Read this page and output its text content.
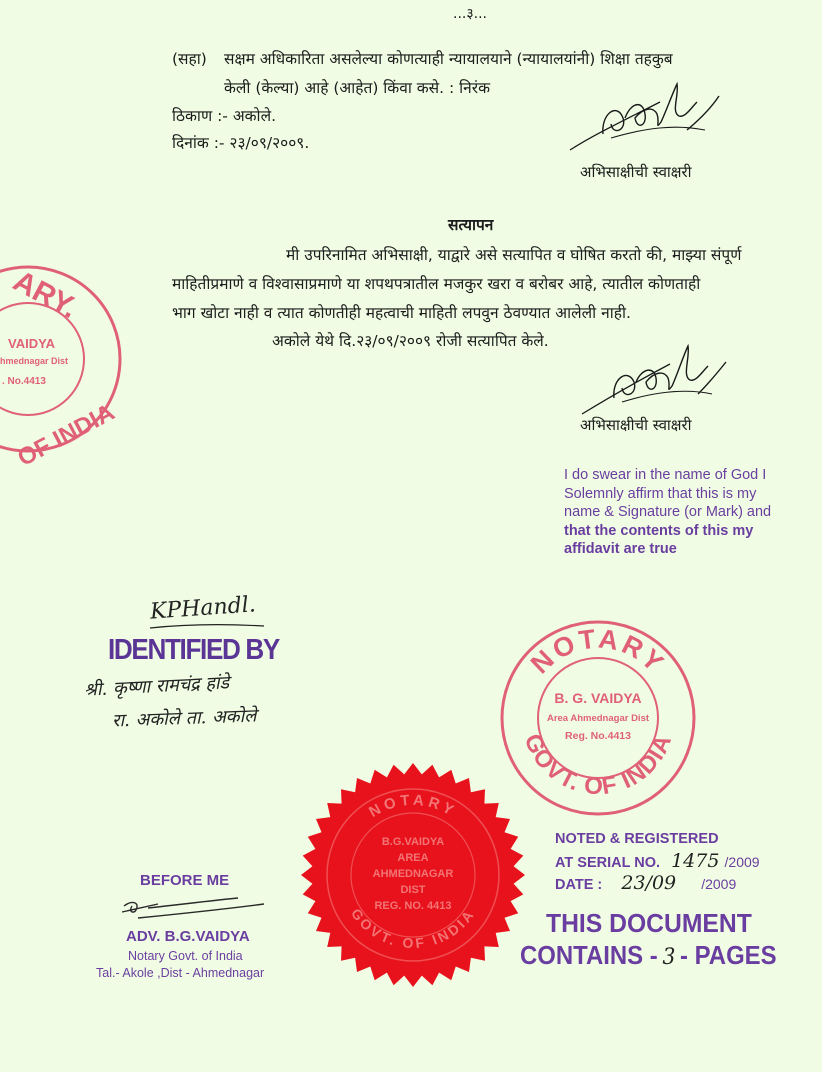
...३...
(सहा) सक्षम अधिकारिता असलेल्या कोणत्याही न्यायालयाने (न्यायालयांनी) शिक्षा तहकुब
केली (केल्या) आहे (आहेत) किंवा कसे. : निरंक
ठिकाण :- अकोले.
दिनांक :- २३/०९/२००९.
अभिसाक्षीची स्वाक्षरी
सत्यापन
मी उपरिनामित अभिसाक्षी, याद्वारे असे सत्यापित व घोषित करतो की, माझ्या संपूर्ण
माहितीप्रमाणे व विश्वासाप्रमाणे या शपथपत्रातील मजकुर खरा व बरोबर आहे, त्यातील कोणताही
भाग खोटा नाही व त्यात कोणतीही महत्वाची माहिती लपवुन ठेवण्यात आलेली नाही.
अकोले येथे दि.२३/०९/२००९ रोजी सत्यापित केले.
अभिसाक्षीची स्वाक्षरी
ARY.
VAIDYA
hmednagar Dist
. No.4413
OF INDIA
I do swear in the name of God I
Solemnly affirm that this is my
name & Signature (or Mark) and
that the contents of this my
affidavit are true
KPHandl.
IDENTIFIED BY
श्री. कृष्णा रामचंद्र हांडे
रा. अकोले ता. अकोले
NOTARY
B. G. VAIDYA
Area Ahmednagar Dist
Reg. No.4413
GOVT. OF INDIA
NOTARY
GOVT. OF INDIA
B.G.VAIDYA
AREA
AHMEDNAGAR
DIST
REG. NO. 4413
BEFORE ME
ADV. B.G.VAIDYA
Notary Govt. of India
Tal.- Akole ,Dist - Ahmednagar
NOTED & REGISTERED
AT SERIAL NO. 1475 /2009
DATE : 23/09 /2009
THIS DOCUMENT
CONTAINS - 3 - PAGES
